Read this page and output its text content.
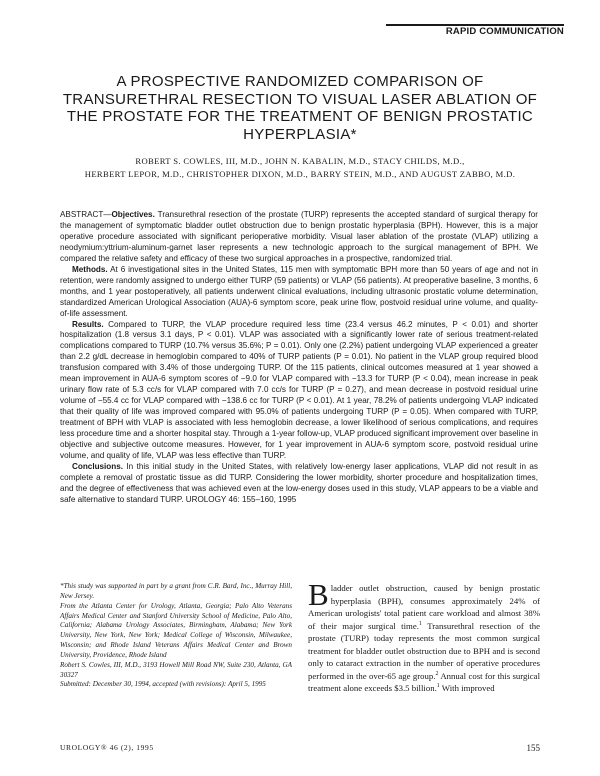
RAPID COMMUNICATION
A PROSPECTIVE RANDOMIZED COMPARISON OF TRANSURETHRAL RESECTION TO VISUAL LASER ABLATION OF THE PROSTATE FOR THE TREATMENT OF BENIGN PROSTATIC HYPERPLASIA*
ROBERT S. COWLES, III, M.D., JOHN N. KABALIN, M.D., STACY CHILDS, M.D.,
HERBERT LEPOR, M.D., CHRISTOPHER DIXON, M.D., BARRY STEIN, M.D., AND AUGUST ZABBO, M.D.

ABSTRACT—Objectives. Transurethral resection of the prostate (TURP) represents the accepted standard of surgical therapy for the management of symptomatic bladder outlet obstruction due to benign prostatic hyperplasia (BPH). However, this is a major operative procedure associated with significant perioperative morbidity. Visual laser ablation of the prostate (VLAP) utilizing a neodymium:yttrium-aluminum-garnet laser represents a new technologic approach to the surgical management of BPH. We compared the relative safety and efficacy of these two surgical approaches in a prospective, randomized trial.

Methods. At 6 investigational sites in the United States, 115 men with symptomatic BPH more than 50 years of age and not in retention, were randomly assigned to undergo either TURP (59 patients) or VLAP (56 patients). At preoperative baseline, 3 months, 6 months, and 1 year postoperatively, all patients underwent clinical evaluations, including ultrasonic prostatic volume determination, standardized American Urological Association (AUA)-6 symptom score, peak urine flow, postvoid residual urine volume, and quality-of-life assessment.

Results. Compared to TURP, the VLAP procedure required less time (23.4 versus 46.2 minutes, P < 0.01) and shorter hospitalization (1.8 versus 3.1 days, P < 0.01). VLAP was associated with a significantly lower rate of serious treatment-related complications compared to TURP (10.7% versus 35.6%; P = 0.01). Only one (2.2%) patient undergoing VLAP experienced a greater than 2.2 g/dL decrease in hemoglobin compared to 40% of TURP patients (P = 0.01). No patient in the VLAP group required blood transfusion compared with 3.4% of those undergoing TURP. Of the 115 patients, clinical outcomes measured at 1 year showed a mean improvement in AUA-6 symptom scores of −9.0 for VLAP compared with −13.3 for TURP (P < 0.04), mean increase in peak urinary flow rate of 5.3 cc/s for VLAP compared with 7.0 cc/s for TURP (P = 0.27), and mean decrease in postvoid residual urine volume of −55.4 cc for VLAP compared with −138.6 cc for TURP (P < 0.01). At 1 year, 78.2% of patients undergoing VLAP indicated that their quality of life was improved compared with 95.0% of patients undergoing TURP (P = 0.05). When compared with TURP, treatment of BPH with VLAP is associated with less hemoglobin decrease, a lower likelihood of serious complications, and requires less procedure time and a shorter hospital stay. Through a 1-year follow-up, VLAP produced significant improvement over baseline in objective and subjective outcome measures. However, for 1 year improvement in AUA-6 symptom score, postvoid residual urine volume, and quality of life, VLAP was less effective than TURP.

Conclusions. In this initial study in the United States, with relatively low-energy laser applications, VLAP did not result in as complete a removal of prostatic tissue as did TURP. Considering the lower morbidity, shorter procedure and hospitalization times, and the degree of effectiveness that was achieved even at the low-energy doses used in this study, VLAP appears to be a viable and safe alternative to standard TURP. UROLOGY 46: 155–160, 1995

*This study was supported in part by a grant from C.R. Bard, Inc., Murray Hill, New Jersey.

From the Atlanta Center for Urology, Atlanta, Georgia; Palo Alto Veterans Affairs Medical Center and Stanford University School of Medicine, Palo Alto, California; Alabama Urology Associates, Birmingham, Alabama; New York University, New York, New York; Medical College of Wisconsin, Milwaukee, Wisconsin; and Rhode Island Veterans Affairs Medical Center and Brown University, Providence, Rhode Island

Robert S. Cowles, III, M.D., 3193 Howell Mill Road NW, Suite 230, Atlanta, GA 30327

Submitted: December 30, 1994, accepted (with revisions): April 5, 1995

Bladder outlet obstruction, caused by benign prostatic hyperplasia (BPH), consumes approximately 24% of American urologists' total patient care workload and almost 38% of their major surgical time.$^1$ Transurethral resection of the prostate (TURP) today represents the most common surgical treatment for bladder outlet obstruction due to BPH and is second only to cataract extraction in the number of operative procedures performed in the over-65 age group.$^2$ Annual cost for this surgical treatment alone exceeds $3.5 billion.$^1$ With improved

UROLOGY® 46 (2), 1995	155
